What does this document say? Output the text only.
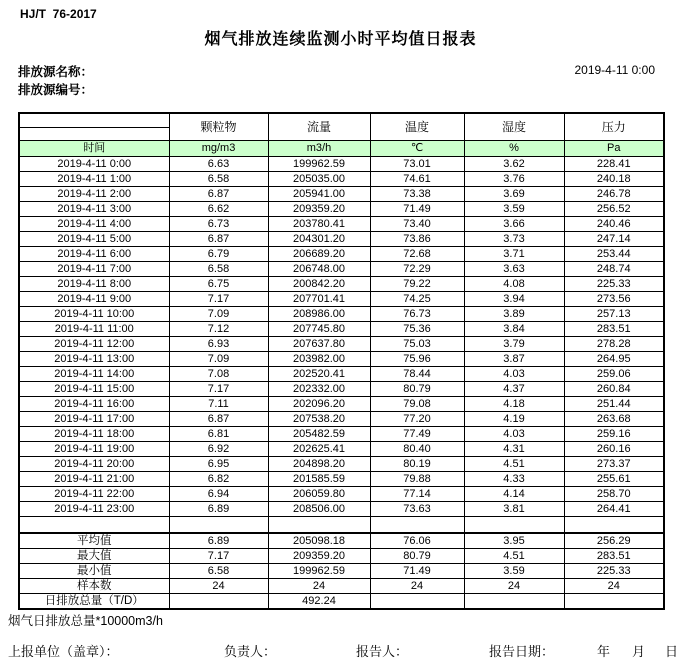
HJ/T  76-2017
烟气排放连续监测小时平均值日报表
排放源名称：
排放源编号：
2019-4-11 0:00
	颗粒物	流量	温度	湿度	压力

时间	mg/m3	m3/h	℃	%	Pa
2019-4-11 0:00	6.63	199962.59	73.01	3.62	228.41
2019-4-11 1:00	6.58	205035.00	74.61	3.76	240.18
2019-4-11 2:00	6.87	205941.00	73.38	3.69	246.78
2019-4-11 3:00	6.62	209359.20	71.49	3.59	256.52
2019-4-11 4:00	6.73	203780.41	73.40	3.66	240.46
2019-4-11 5:00	6.87	204301.20	73.86	3.73	247.14
2019-4-11 6:00	6.79	206689.20	72.68	3.71	253.44
2019-4-11 7:00	6.58	206748.00	72.29	3.63	248.74
2019-4-11 8:00	6.75	200842.20	79.22	4.08	225.33
2019-4-11 9:00	7.17	207701.41	74.25	3.94	273.56
2019-4-11 10:00	7.09	208986.00	76.73	3.89	257.13
2019-4-11 11:00	7.12	207745.80	75.36	3.84	283.51
2019-4-11 12:00	6.93	207637.80	75.03	3.79	278.28
2019-4-11 13:00	7.09	203982.00	75.96	3.87	264.95
2019-4-11 14:00	7.08	202520.41	78.44	4.03	259.06
2019-4-11 15:00	7.17	202332.00	80.79	4.37	260.84
2019-4-11 16:00	7.11	202096.20	79.08	4.18	251.44
2019-4-11 17:00	6.87	207538.20	77.20	4.19	263.68
2019-4-11 18:00	6.81	205482.59	77.49	4.03	259.16
2019-4-11 19:00	6.92	202625.41	80.40	4.31	260.16
2019-4-11 20:00	6.95	204898.20	80.19	4.51	273.37
2019-4-11 21:00	6.82	201585.59	79.88	4.33	255.61
2019-4-11 22:00	6.94	206059.80	77.14	4.14	258.70
2019-4-11 23:00	6.89	208506.00	73.63	3.81	264.41

平均值	6.89	205098.18	76.06	3.95	256.29
最大值	7.17	209359.20	80.79	4.51	283.51
最小值	6.58	199962.59	71.49	3.59	225.33
样本数	24	24	24	24	24
日排放总量（T/D）		492.24			
烟气日排放总量*10000m3/h
上报单位（盖章）：	负责人：	报告人：	报告日期：	年 月 日
